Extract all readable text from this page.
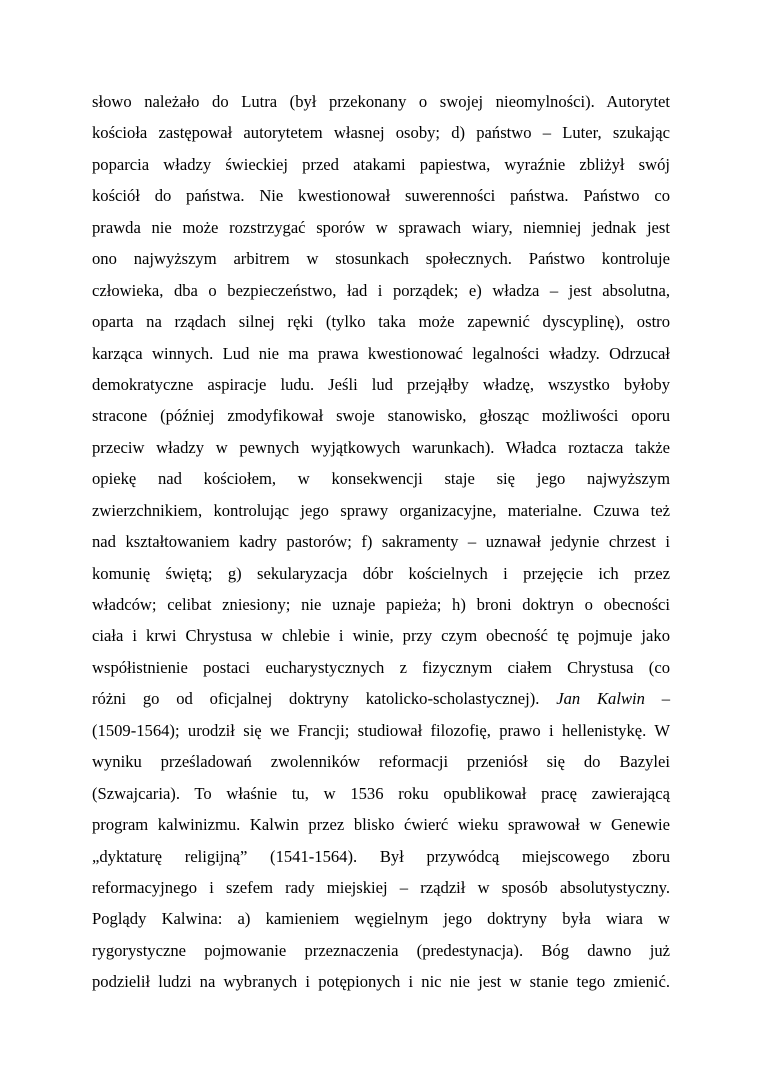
słowo należało do Lutra (był przekonany o swojej nieomylności). Autorytet
kościoła zastępował autorytetem własnej osoby; d) państwo – Luter, szukając
poparcia władzy świeckiej przed atakami papiestwa, wyraźnie zbliżył swój
kościół do państwa. Nie kwestionował suwerenności państwa. Państwo co
prawda nie może rozstrzygać sporów w sprawach wiary, niemniej jednak jest
ono najwyższym arbitrem w stosunkach społecznych. Państwo kontroluje
człowieka, dba o bezpieczeństwo, ład i porządek; e) władza – jest absolutna,
oparta na rządach silnej ręki (tylko taka może zapewnić dyscyplinę), ostro
karząca winnych. Lud nie ma prawa kwestionować legalności władzy. Odrzucał
demokratyczne aspiracje ludu. Jeśli lud przejąłby władzę, wszystko byłoby
stracone (później zmodyfikował swoje stanowisko, głosząc możliwości oporu
przeciw władzy w pewnych wyjątkowych warunkach). Władca roztacza także
opiekę nad kościołem, w konsekwencji staje się jego najwyższym
zwierzchnikiem, kontrolując jego sprawy organizacyjne, materialne. Czuwa też
nad kształtowaniem kadry pastorów; f) sakramenty – uznawał jedynie chrzest i
komunię świętą; g) sekularyzacja dóbr kościelnych i przejęcie ich przez
władców; celibat zniesiony; nie uznaje papieża; h) broni doktryn o obecności
ciała i krwi Chrystusa w chlebie i winie, przy czym obecność tę pojmuje jako
współistnienie postaci eucharystycznych z fizycznym ciałem Chrystusa (co
różni go od oficjalnej doktryny katolicko-scholastycznej). Jan Kalwin –
(1509-1564); urodził się we Francji; studiował filozofię, prawo i hellenistykę. W
wyniku prześladowań zwolenników reformacji przeniósł się do Bazylei
(Szwajcaria). To właśnie tu, w 1536 roku opublikował pracę zawierającą
program kalwinizmu. Kalwin przez blisko ćwierć wieku sprawował w Genewie
„dyktaturę religijną” (1541-1564). Był przywódcą miejscowego zboru
reformacyjnego i szefem rady miejskiej – rządził w sposób absolutystyczny.
Poglądy Kalwina: a) kamieniem węgielnym jego doktryny była wiara w
rygorystyczne pojmowanie przeznaczenia (predestynacja). Bóg dawno już
podzielił ludzi na wybranych i potępionych i nic nie jest w stanie tego zmienić.
